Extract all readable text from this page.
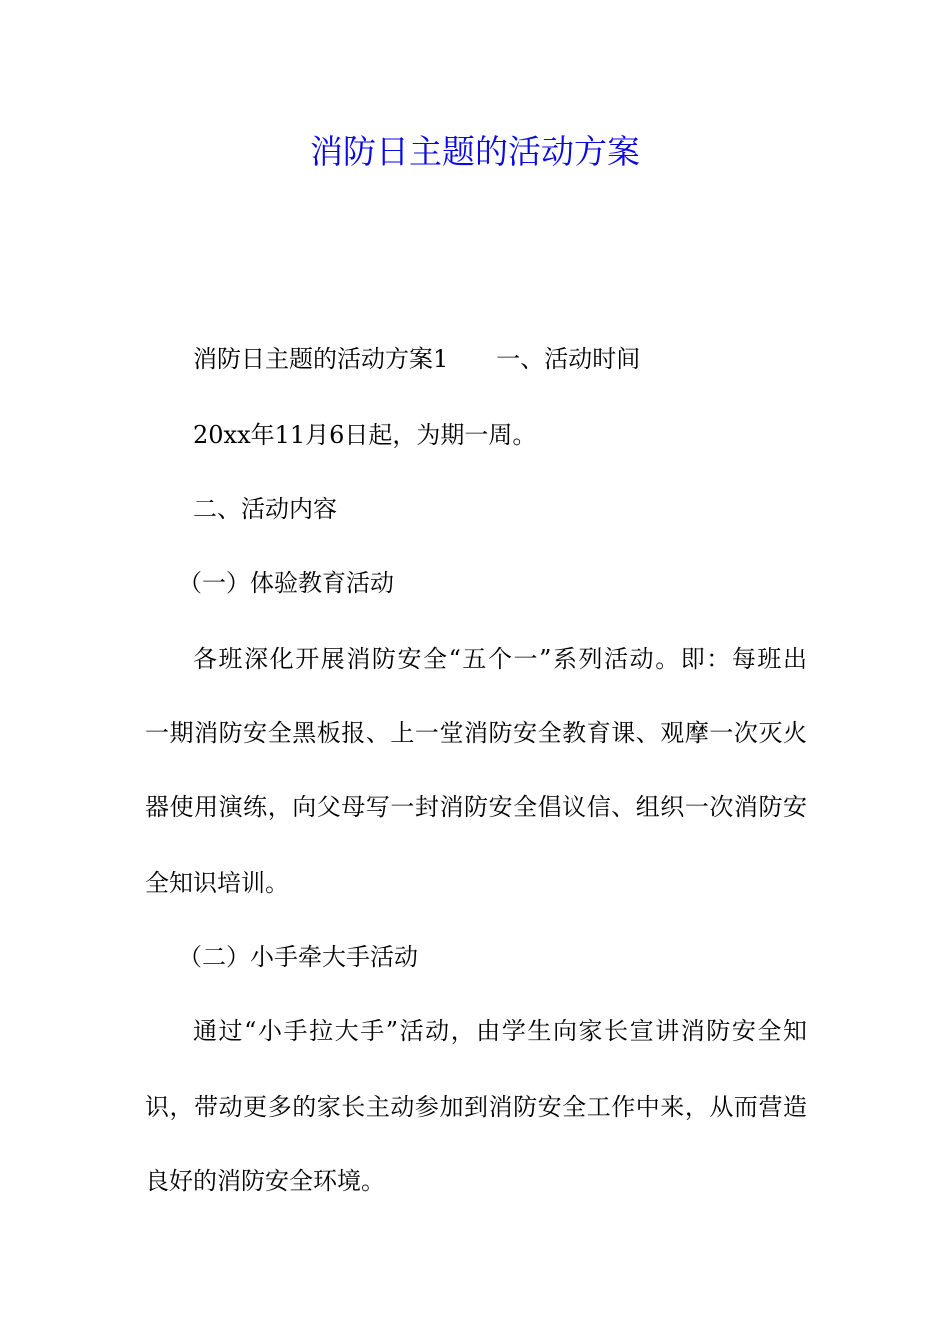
消防日主题的活动方案
消防日主题的活动方案1　　一、活动时间
20xx年11月6日起，为期一周。
二、活动内容
（一）体验教育活动
各班深化开展消防安全“五个一”系列活动。即：每班出
一期消防安全黑板报、上一堂消防安全教育课、观摩一次灭火
器使用演练，向父母写一封消防安全倡议信、组织一次消防安
全知识培训。
（二）小手牵大手活动
通过“小手拉大手”活动，由学生向家长宣讲消防安全知
识，带动更多的家长主动参加到消防安全工作中来，从而营造
良好的消防安全环境。
